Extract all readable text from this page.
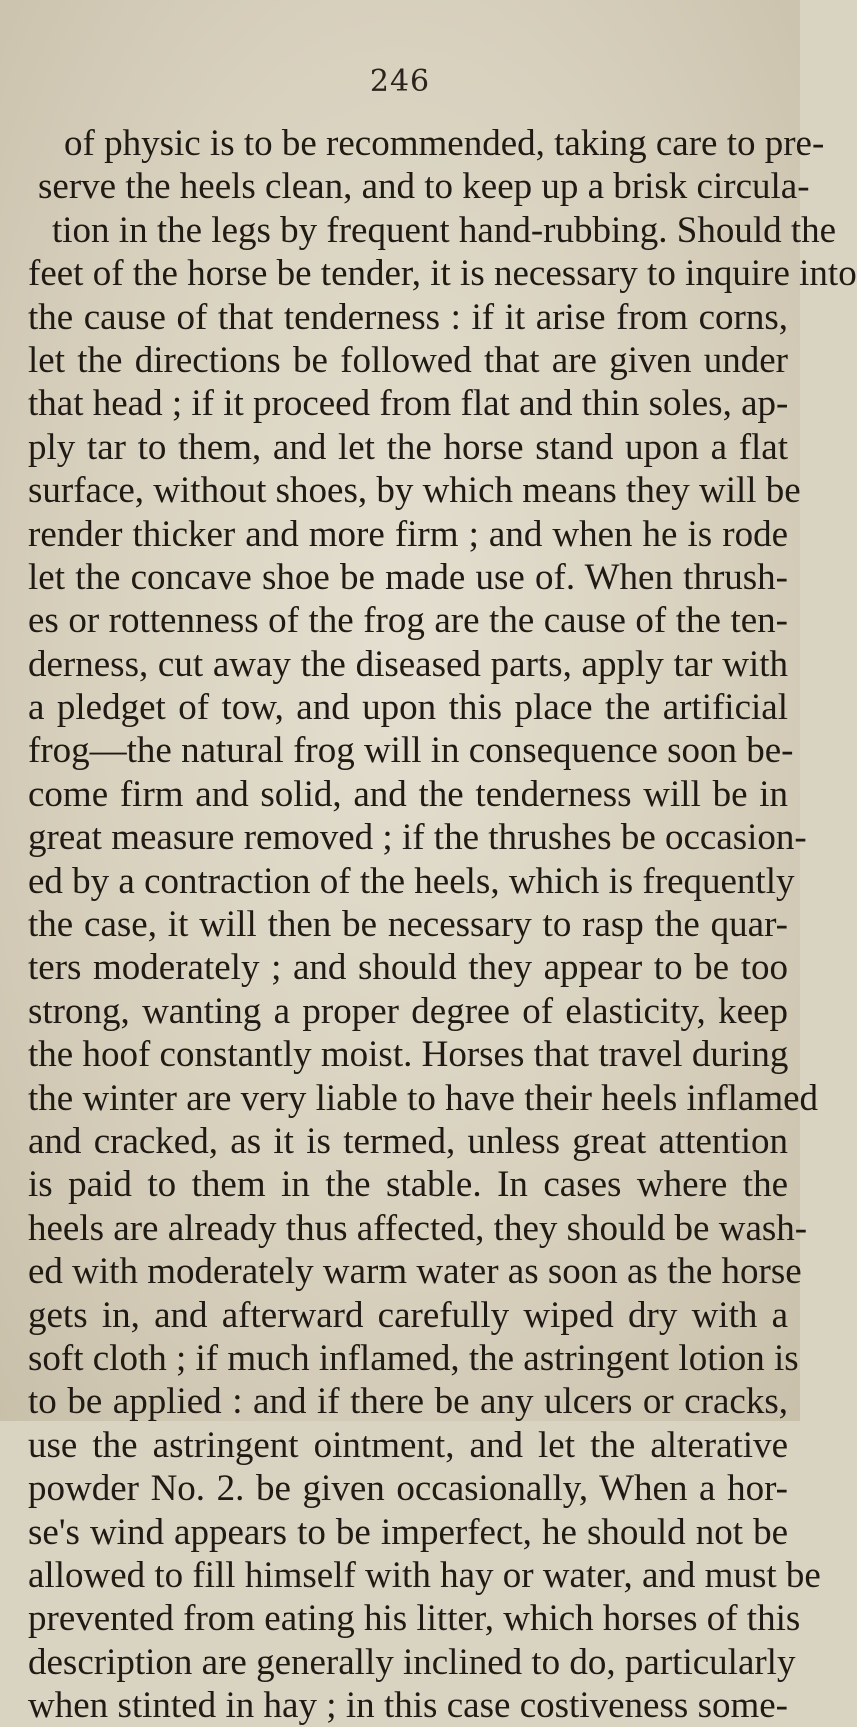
246
of physic is to be recommended, taking care to pre-
serve the heels clean, and to keep up a brisk circula-
tion in the legs by frequent hand-rubbing. Should the
feet of the horse be tender, it is necessary to inquire into
the cause of that tenderness : if it arise from corns,
let the directions be followed that are given under
that head ; if it proceed from flat and thin soles, ap-
ply tar to them, and let the horse stand upon a flat
surface, without shoes, by which means they will be
render thicker and more firm ; and when he is rode
let the concave shoe be made use of. When thrush-
es or rottenness of the frog are the cause of the ten-
derness, cut away the diseased parts, apply tar with
a pledget of tow, and upon this place the artificial
frog—the natural frog will in consequence soon be-
come firm and solid, and the tenderness will be in
great measure removed ; if the thrushes be occasion-
ed by a contraction of the heels, which is frequently
the case, it will then be necessary to rasp the quar-
ters moderately ; and should they appear to be too
strong, wanting a proper degree of elasticity, keep
the hoof constantly moist. Horses that travel during
the winter are very liable to have their heels inflamed
and cracked, as it is termed, unless great attention
is paid to them in the stable. In cases where the
heels are already thus affected, they should be wash-
ed with moderately warm water as soon as the horse
gets in, and afterward carefully wiped dry with a
soft cloth ; if much inflamed, the astringent lotion is
to be applied : and if there be any ulcers or cracks,
use the astringent ointment, and let the alterative
powder No. 2. be given occasionally, When a hor-
se's wind appears to be imperfect, he should not be
allowed to fill himself with hay or water, and must be
prevented from eating his litter, which horses of this
description are generally inclined to do, particularly
when stinted in hay ; in this case costiveness some-
